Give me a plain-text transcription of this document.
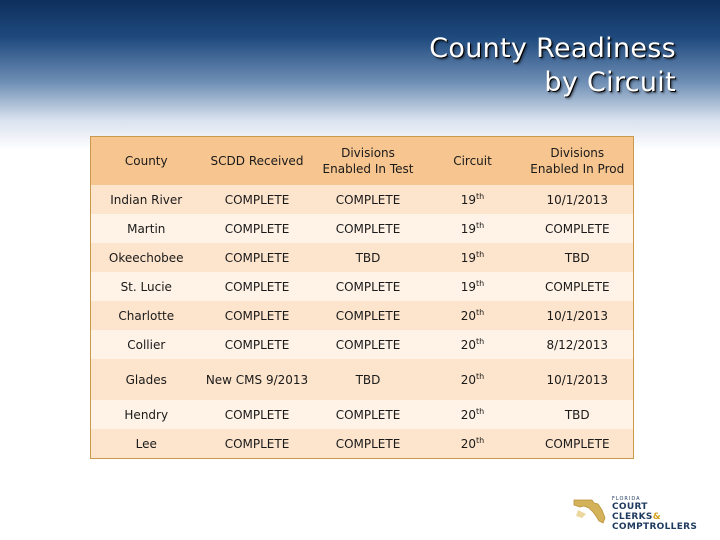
County Readiness
by Circuit
County	SCDD Received	Divisions Enabled In Test	Circuit	Divisions Enabled In Prod
Indian River	COMPLETE	COMPLETE	19th	10/1/2013
Martin	COMPLETE	COMPLETE	19th	COMPLETE
Okeechobee	COMPLETE	TBD	19th	TBD
St. Lucie	COMPLETE	COMPLETE	19th	COMPLETE
Charlotte	COMPLETE	COMPLETE	20th	10/1/2013
Collier	COMPLETE	COMPLETE	20th	8/12/2013
Glades	New CMS 9/2013	TBD	20th	10/1/2013
Hendry	COMPLETE	COMPLETE	20th	TBD
Lee	COMPLETE	COMPLETE	20th	COMPLETE
FLORIDA
COURT CLERKS&
COMPTROLLERS
